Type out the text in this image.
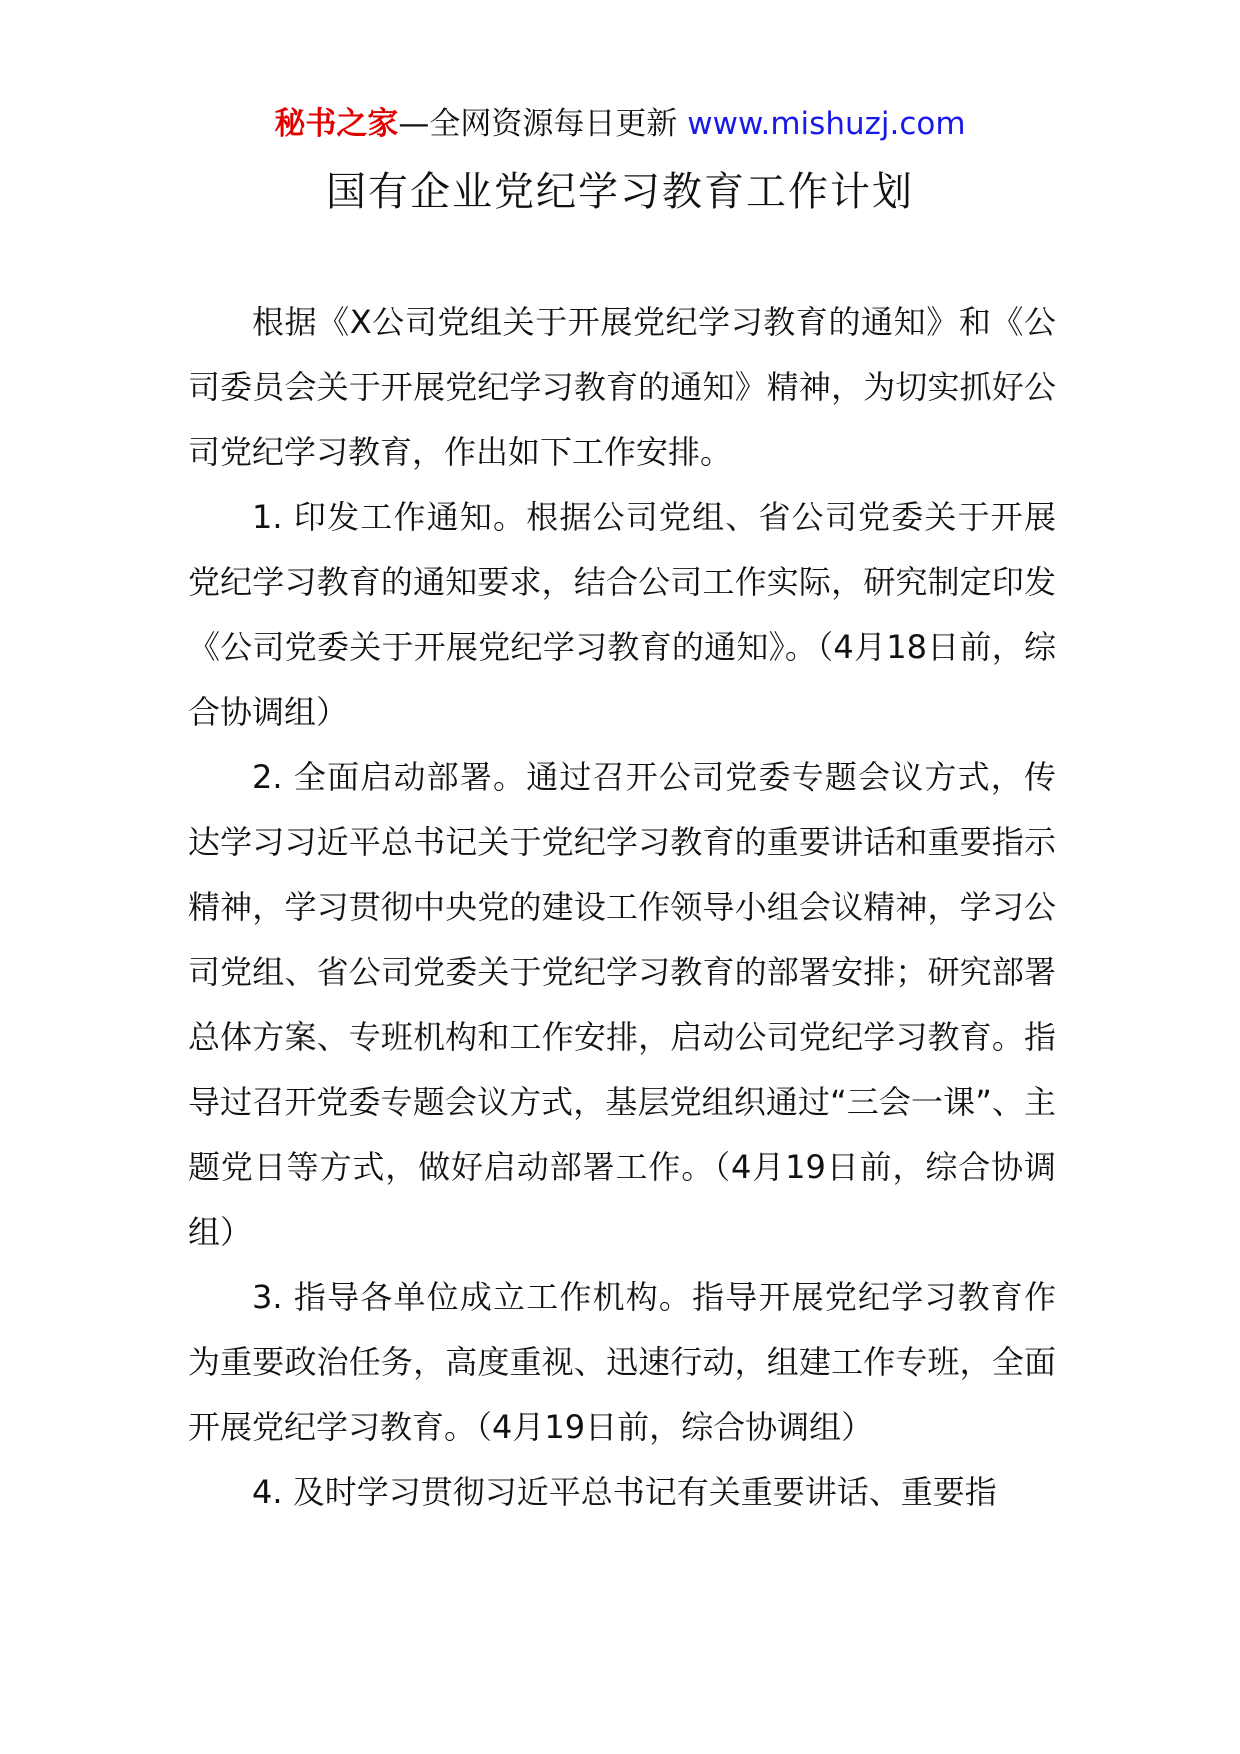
秘书之家—全网资源每日更新 www.mishuzj.com
国有企业党纪学习教育工作计划

根据《X公司党组关于开展党纪学习教育的通知》和《公司委员会关于开展党纪学习教育的通知》精神，为切实抓好公司党纪学习教育，作出如下工作安排。

1. 印发工作通知。根据公司党组、省公司党委关于开展党纪学习教育的通知要求，结合公司工作实际，研究制定印发《公司党委关于开展党纪学习教育的通知》。（4月18日前，综合协调组）

2. 全面启动部署。通过召开公司党委专题会议方式，传达学习习近平总书记关于党纪学习教育的重要讲话和重要指示精神，学习贯彻中央党的建设工作领导小组会议精神，学习公司党组、省公司党委关于党纪学习教育的部署安排；研究部署总体方案、专班机构和工作安排，启动公司党纪学习教育。指导过召开党委专题会议方式，基层党组织通过“三会一课”、主题党日等方式，做好启动部署工作。（4月19日前，综合协调组）

3. 指导各单位成立工作机构。指导开展党纪学习教育作为重要政治任务，高度重视、迅速行动，组建工作专班，全面开展党纪学习教育。（4月19日前，综合协调组）

4. 及时学习贯彻习近平总书记有关重要讲话、重要指
